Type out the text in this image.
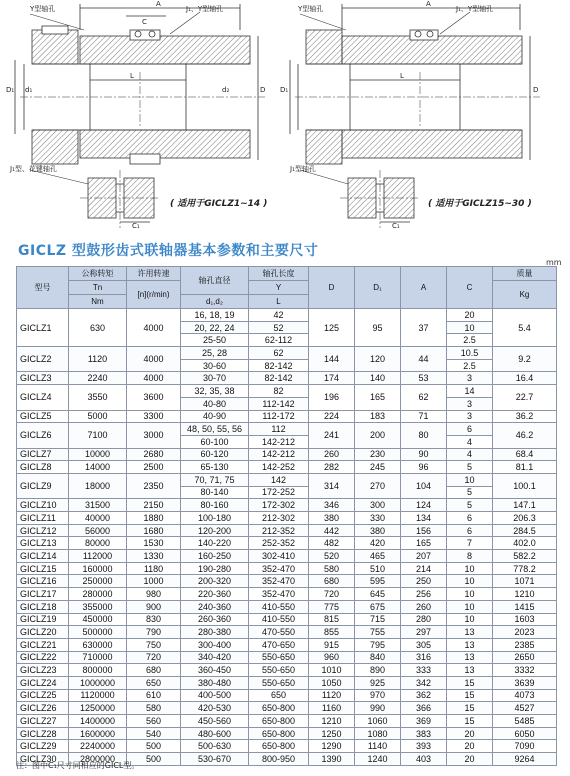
Y型轴孔
A
J₁、Y型轴孔
C
L
D
D₁ d₁	d₂
J₁型、花键轴孔
C₁
( 适用于GICLZ1~14 )
Y型轴孔
A
J₁、Y型轴孔
L
D
D₁
J₁型轴孔
C₁
( 适用于GICLZ15~30 )
GICLZ 型鼓形齿式联轴器基本参数和主要尺寸
mm
型号	公称转矩	许用转速	轴孔直径	轴孔长度	D	D₁	A	C	质量
	Tn	[n](r/min)		Y					Kg
	Nm		d₁,d₂	L					
GICLZ1	630	4000	16, 18, 19	42	125	95	37	20	5.4
			20, 22, 24	52				10	
			25-50	62-112				2.5	
GICLZ2	1120	4000	25, 28	62	144	120	44	10.5	9.2
			30-60	82-142				2.5	
GICLZ3	2240	4000	30-70	82-142	174	140	53	3	16.4
GICLZ4	3550	3600	32, 35, 38	82	196	165	62	14	22.7
			40-80	112-142				3	
GICLZ5	5000	3300	40-90	112-172	224	183	71	3	36.2
GICLZ6	7100	3000	48, 50, 55, 56	112	241	200	80	6	46.2
			60-100	142-212				4	
GICLZ7	10000	2680	60-120	142-212	260	230	90	4	68.4
GICLZ8	14000	2500	65-130	142-252	282	245	96	5	81.1
GICLZ9	18000	2350	70, 71, 75	142	314	270	104	10	100.1
			80-140	172-252				5	
GICLZ10	31500	2150	80-160	172-302	346	300	124	5	147.1
GICLZ11	40000	1880	100-180	212-302	380	330	134	6	206.3
GICLZ12	56000	1680	120-200	212-352	442	380	156	6	284.5
GICLZ13	80000	1530	140-220	252-352	482	420	165	7	402.0
GICLZ14	112000	1330	160-250	302-410	520	465	207	8	582.2
GICLZ15	160000	1180	190-280	352-470	580	510	214	10	778.2
GICLZ16	250000	1000	200-320	352-470	680	595	250	10	1071
GICLZ17	280000	980	220-360	352-470	720	645	256	10	1210
GICLZ18	355000	900	240-360	410-550	775	675	260	10	1415
GICLZ19	450000	830	260-360	410-550	815	715	280	10	1603
GICLZ20	500000	790	280-380	470-550	855	755	297	13	2023
GICLZ21	630000	750	300-400	470-650	915	795	305	13	2385
GICLZ22	710000	720	340-420	550-650	960	840	316	13	2650
GICLZ23	800000	680	360-450	550-650	1010	890	333	13	3332
GICLZ24	1000000	650	380-480	550-650	1050	925	342	15	3639
GICLZ25	1120000	610	400-500	650	1120	970	362	15	4073
GICLZ26	1250000	580	420-530	650-800	1160	990	366	15	4527
GICLZ27	1400000	560	450-560	650-800	1210	1060	369	15	5485
GICLZ28	1600000	540	480-600	650-800	1250	1080	383	20	6050
GICLZ29	2240000	500	500-630	650-800	1290	1140	393	20	7090
GICLZ30	2800000	500	530-670	800-950	1390	1240	403	20	9264
注：图中C₁尺寸同相应的GICL型。
